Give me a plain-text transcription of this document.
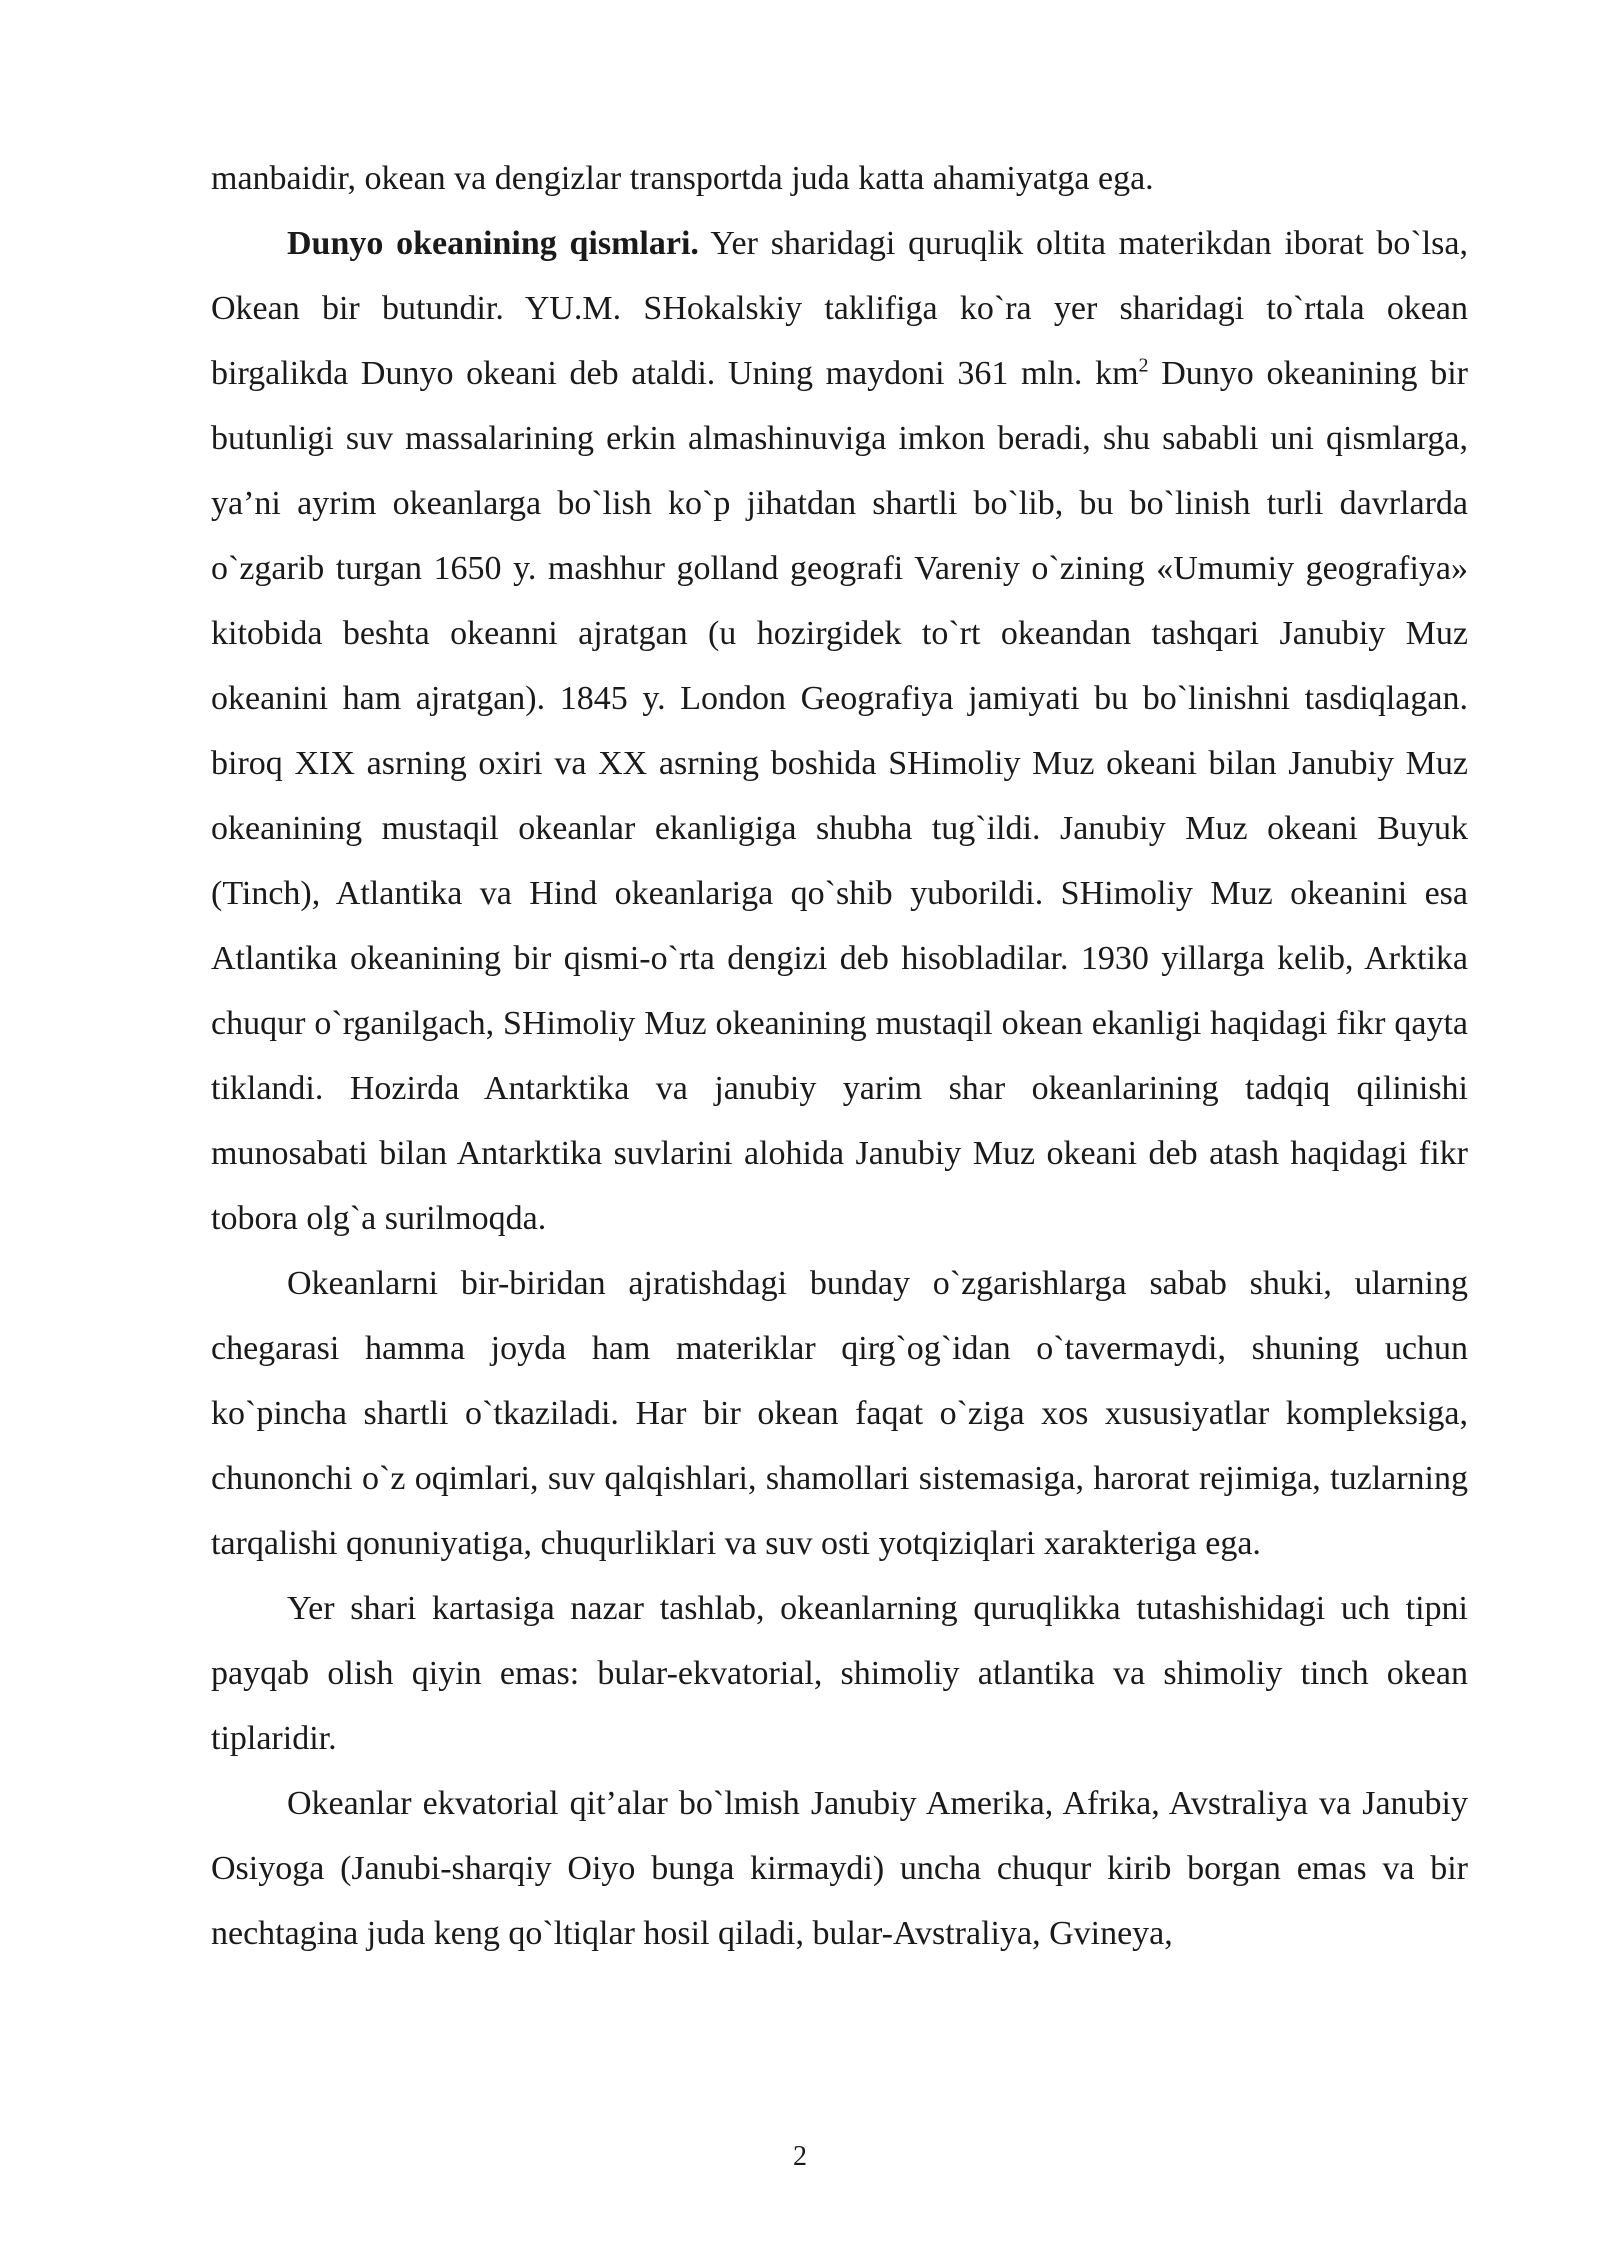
manbaidir, okean va dengizlar transportda juda katta ahamiyatga ega.

Dunyo okeanining qismlari. Yer sharidagi quruqlik oltita materikdan iborat bo`lsa, Okean bir butundir. YU.M. SHokalskiy taklifiga ko`ra yer sharidagi to`rtala okean birgalikda Dunyo okeani deb ataldi. Uning maydoni 361 mln. $km^2$ Dunyo okeanining bir butunligi suv massalarining erkin almashinuviga imkon beradi, shu sababli uni qismlarga, ya’ni ayrim okeanlarga bo`lish ko`p jihatdan shartli bo`lib, bu bo`linish turli davrlarda o`zgarib turgan 1650 y. mashhur golland geografi Vareniy o`zining «Umumiy geografiya» kitobida beshta okeanni ajratgan (u hozirgidek to`rt okeandan tashqari Janubiy Muz okeanini ham ajratgan). 1845 y. London Geografiya jamiyati bu bo`linishni tasdiqlagan. biroq XIX asrning oxiri va XX asrning boshida SHimoliy Muz okeani bilan Janubiy Muz okeanining mustaqil okeanlar ekanligiga shubha tug`ildi. Janubiy Muz okeani Buyuk (Tinch), Atlantika va Hind okeanlariga qo`shib yuborildi. SHimoliy Muz okeanini esa Atlantika okeanining bir qismi-o`rta dengizi deb hisobladilar. 1930 yillarga kelib, Arktika chuqur o`rganilgach, SHimoliy Muz okeanining mustaqil okean ekanligi haqidagi fikr qayta tiklandi. Hozirda Antarktika va janubiy yarim shar okeanlarining tadqiq qilinishi munosabati bilan Antarktika suvlarini alohida Janubiy Muz okeani deb atash haqidagi fikr tobora olg`a surilmoqda.

Okeanlarni bir-biridan ajratishdagi bunday o`zgarishlarga sabab shuki, ularning chegarasi hamma joyda ham materiklar qirg`og`idan o`tavermaydi, shuning uchun ko`pincha shartli o`tkaziladi. Har bir okean faqat o`ziga xos xususiyatlar kompleksiga, chunonchi o`z oqimlari, suv qalqishlari, shamollari sistemasiga, harorat rejimiga, tuzlarning tarqalishi qonuniyatiga, chuqurliklari va suv osti yotqiziqlari xarakteriga ega.

Yer shari kartasiga nazar tashlab, okeanlarning quruqlikka tutashishidagi uch tipni payqab olish qiyin emas: bular-ekvatorial, shimoliy atlantika va shimoliy tinch okean tiplaridir.

Okeanlar ekvatorial qit’alar bo`lmish Janubiy Amerika, Afrika, Avstraliya va Janubiy Osiyoga (Janubi-sharqiy Oiyo bunga kirmaydi) uncha chuqur kirib borgan emas va bir nechtagina juda keng qo`ltiqlar hosil qiladi, bular-Avstraliya, Gvineya,

2
